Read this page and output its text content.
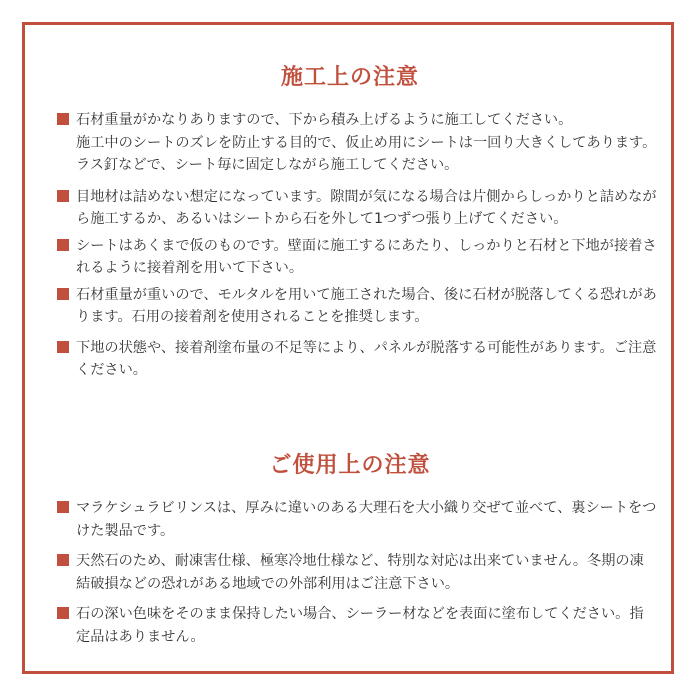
施工上の注意
石材重量がかなりありますので、下から積み上げるように施工してください。
施工中のシートのズレを防止する目的で、仮止め用にシートは一回り大きくしてあります。ラス釘などで、シート毎に固定しながら施工してください。
目地材は詰めない想定になっています。隙間が気になる場合は片側からしっかりと詰めながら施工するか、あるいはシートから石を外して1つずつ張り上げてください。
シートはあくまで仮のものです。壁面に施工するにあたり、しっかりと石材と下地が接着されるように接着剤を用いて下さい。
石材重量が重いので、モルタルを用いて施工された場合、後に石材が脱落してくる恐れがあります。石用の接着剤を使用されることを推奨します。
下地の状態や、接着剤塗布量の不足等により、パネルが脱落する可能性があります。ご注意ください。
ご使用上の注意
マラケシュラビリンスは、厚みに違いのある大理石を大小織り交ぜて並べて、裏シートをつけた製品です。
天然石のため、耐凍害仕様、極寒冷地仕様など、特別な対応は出来ていません。冬期の凍結破損などの恐れがある地域での外部利用はご注意下さい。
石の深い色味をそのまま保持したい場合、シーラー材などを表面に塗布してください。指定品はありません。
